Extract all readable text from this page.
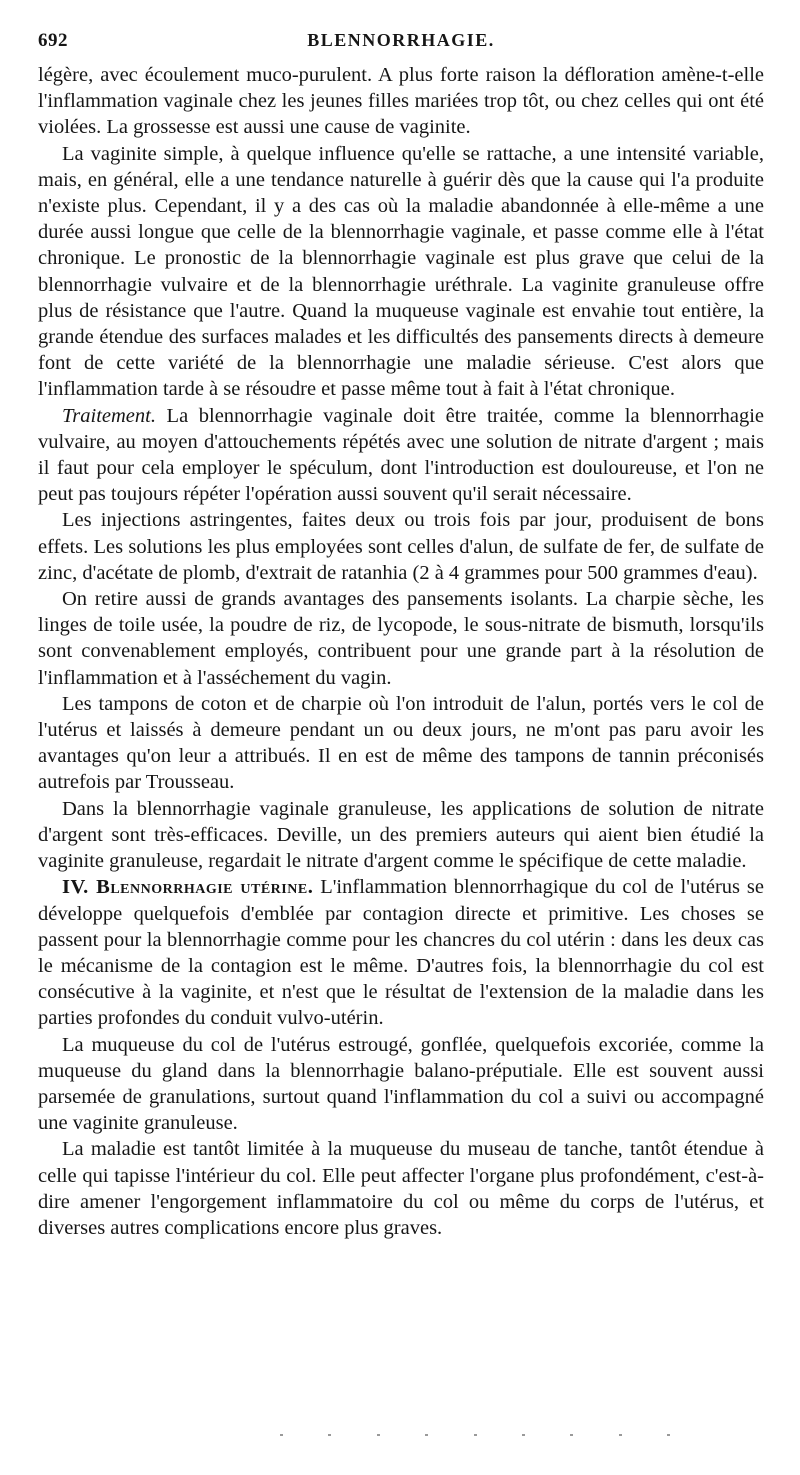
692	BLENNORRHAGIE.

légère, avec écoulement muco-purulent. A plus forte raison la défloration amène-t-elle l'inflammation vaginale chez les jeunes filles mariées trop tôt, ou chez celles qui ont été violées. La grossesse est aussi une cause de vaginite.

La vaginite simple, à quelque influence qu'elle se rattache, a une intensité variable, mais, en général, elle a une tendance naturelle à guérir dès que la cause qui l'a produite n'existe plus. Cependant, il y a des cas où la maladie abandonnée à elle-même a une durée aussi longue que celle de la blennorrhagie vaginale, et passe comme elle à l'état chronique. Le pronostic de la blennorrhagie vaginale est plus grave que celui de la blennorrhagie vulvaire et de la blennorrhagie uréthrale. La vaginite granuleuse offre plus de résistance que l'autre. Quand la muqueuse vaginale est envahie tout entière, la grande étendue des surfaces malades et les difficultés des pansements directs à demeure font de cette variété de la blennorrhagie une maladie sérieuse. C'est alors que l'inflammation tarde à se résoudre et passe même tout à fait à l'état chronique.

Traitement. La blennorrhagie vaginale doit être traitée, comme la blennorrhagie vulvaire, au moyen d'attouchements répétés avec une solution de nitrate d'argent ; mais il faut pour cela employer le spéculum, dont l'introduction est douloureuse, et l'on ne peut pas toujours répéter l'opération aussi souvent qu'il serait nécessaire.

Les injections astringentes, faites deux ou trois fois par jour, produisent de bons effets. Les solutions les plus employées sont celles d'alun, de sulfate de fer, de sulfate de zinc, d'acétate de plomb, d'extrait de ratanhia (2 à 4 grammes pour 500 grammes d'eau).

On retire aussi de grands avantages des pansements isolants. La charpie sèche, les linges de toile usée, la poudre de riz, de lycopode, le sous-nitrate de bismuth, lorsqu'ils sont convenablement employés, contribuent pour une grande part à la résolution de l'inflammation et à l'asséchement du vagin.

Les tampons de coton et de charpie où l'on introduit de l'alun, portés vers le col de l'utérus et laissés à demeure pendant un ou deux jours, ne m'ont pas paru avoir les avantages qu'on leur a attribués. Il en est de même des tampons de tannin préconisés autrefois par Trousseau.

Dans la blennorrhagie vaginale granuleuse, les applications de solution de nitrate d'argent sont très-efficaces. Deville, un des premiers auteurs qui aient bien étudié la vaginite granuleuse, regardait le nitrate d'argent comme le spécifique de cette maladie.

IV. Blennorrhagie utérine. L'inflammation blennorrhagique du col de l'utérus se développe quelquefois d'emblée par contagion directe et primitive. Les choses se passent pour la blennorrhagie comme pour les chancres du col utérin : dans les deux cas le mécanisme de la contagion est le même. D'autres fois, la blennorrhagie du col est consécutive à la vaginite, et n'est que le résultat de l'extension de la maladie dans les parties profondes du conduit vulvo-utérin.

La muqueuse du col de l'utérus estrougé, gonflée, quelquefois excoriée, comme la muqueuse du gland dans la blennorrhagie balano-préputiale. Elle est souvent aussi parsemée de granulations, surtout quand l'inflammation du col a suivi ou accompagné une vaginite granuleuse.

La maladie est tantôt limitée à la muqueuse du museau de tanche, tantôt étendue à celle qui tapisse l'intérieur du col. Elle peut affecter l'organe plus profondément, c'est-à-dire amener l'engorgement inflammatoire du col ou même du corps de l'utérus, et diverses autres complications encore plus graves.
